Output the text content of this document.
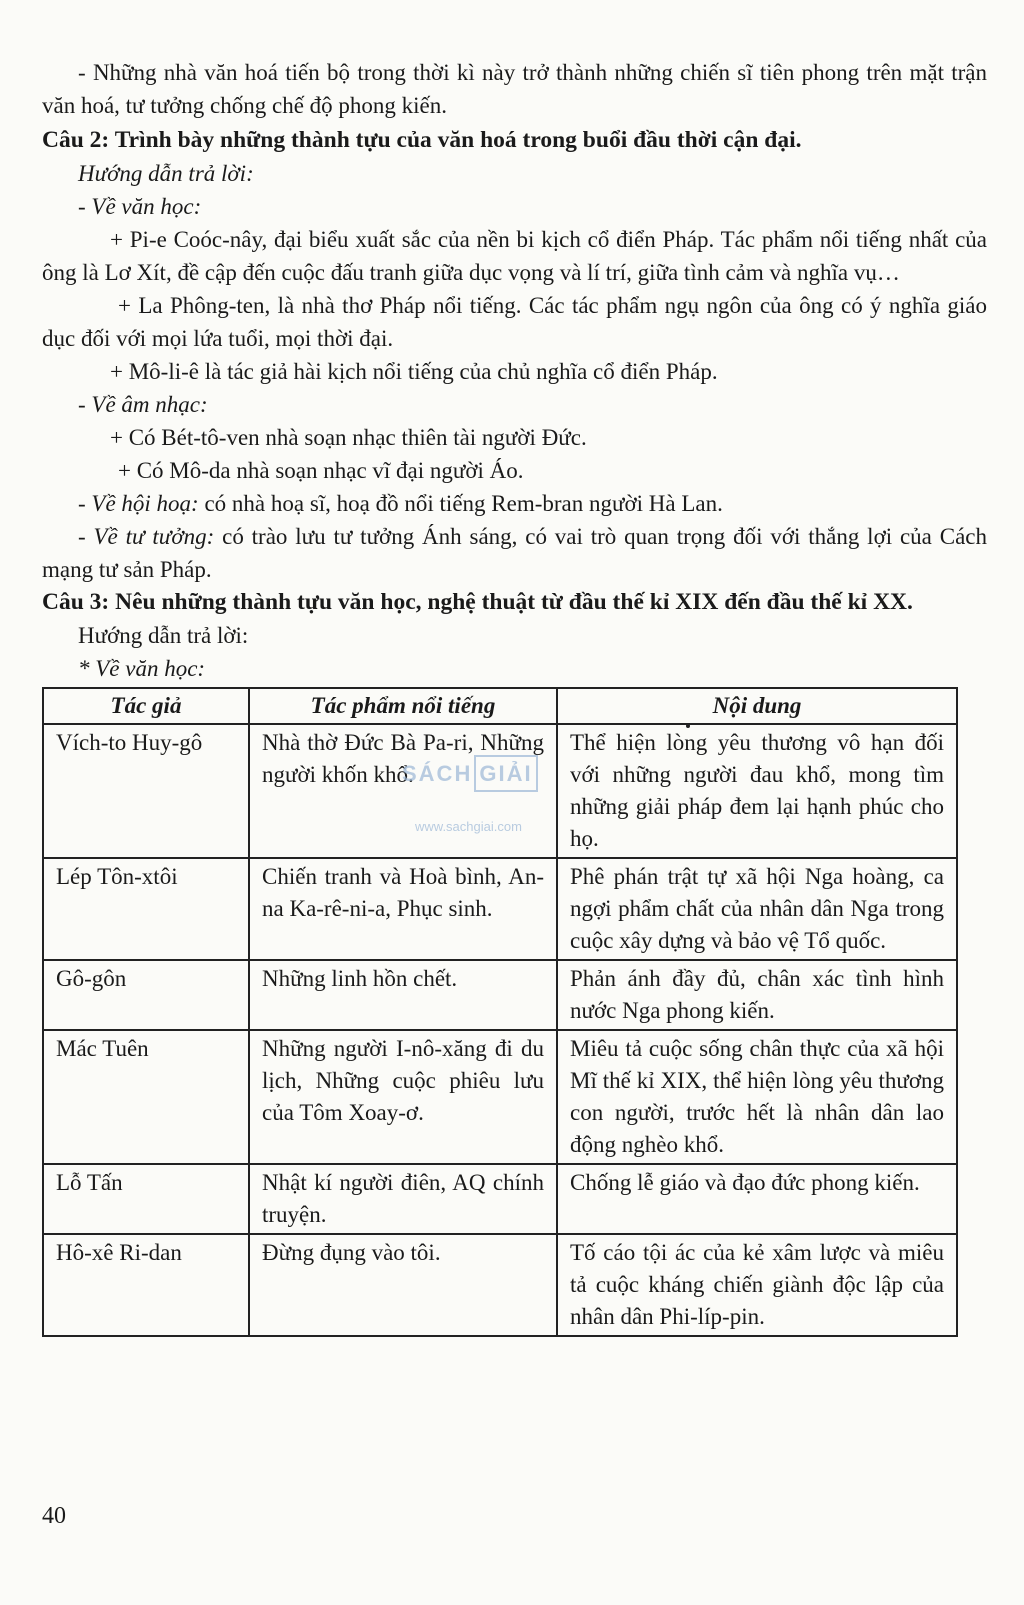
- Những nhà văn hoá tiến bộ trong thời kì này trở thành những chiến sĩ tiên phong trên mặt trận văn hoá, tư tưởng chống chế độ phong kiến.

Câu 2: Trình bày những thành tựu của văn hoá trong buổi đầu thời cận đại.

Hướng dẫn trả lời:

- Về văn học:

+ Pi-e Coóc-nây, đại biểu xuất sắc của nền bi kịch cổ điển Pháp. Tác phẩm nổi tiếng nhất của ông là Lơ Xít, đề cập đến cuộc đấu tranh giữa dục vọng và lí trí, giữa tình cảm và nghĩa vụ…

+ La Phông-ten, là nhà thơ Pháp nổi tiếng. Các tác phẩm ngụ ngôn của ông có ý nghĩa giáo dục đối với mọi lứa tuổi, mọi thời đại.

+ Mô-li-ê là tác giả hài kịch nổi tiếng của chủ nghĩa cổ điển Pháp.

- Về âm nhạc:

+ Có Bét-tô-ven nhà soạn nhạc thiên tài người Đức.

+ Có Mô-da nhà soạn nhạc vĩ đại người Áo.

- Về hội hoạ: có nhà hoạ sĩ, hoạ đồ nổi tiếng Rem-bran người Hà Lan.

- Về tư tưởng: có trào lưu tư tưởng Ánh sáng, có vai trò quan trọng đối với thắng lợi của Cách mạng tư sản Pháp.

Câu 3: Nêu những thành tựu văn học, nghệ thuật từ đầu thế kỉ XIX đến đầu thế kỉ XX.

Hướng dẫn trả lời:

* Về văn học:

Tác giả	Tác phẩm nổi tiếng	Nội dung
Vích-to Huy-gô	Nhà thờ Đức Bà Pa-ri, Những người khốn khổ.	Thể hiện lòng yêu thương vô hạn đối với những người đau khổ, mong tìm những giải pháp đem lại hạnh phúc cho họ.
Lép Tôn-xtôi	Chiến tranh và Hoà bình, An-na Ka-rê-ni-a, Phục sinh.	Phê phán trật tự xã hội Nga hoàng, ca ngợi phẩm chất của nhân dân Nga trong cuộc xây dựng và bảo vệ Tổ quốc.
Gô-gôn	Những linh hồn chết.	Phản ánh đầy đủ, chân xác tình hình nước Nga phong kiến.
Mác Tuên	Những người I-nô-xăng đi du lịch, Những cuộc phiêu lưu của Tôm Xoay-ơ.	Miêu tả cuộc sống chân thực của xã hội Mĩ thế kỉ XIX, thể hiện lòng yêu thương con người, trước hết là nhân dân lao động nghèo khổ.
Lỗ Tấn	Nhật kí người điên, AQ chính truyện.	Chống lễ giáo và đạo đức phong kiến.
Hô-xê Ri-dan	Đừng đụng vào tôi.	Tố cáo tội ác của kẻ xâm lược và miêu tả cuộc kháng chiến giành độc lập của nhân dân Phi-líp-pin.
SÁCH GIẢI
www.sachgiai.com
40
